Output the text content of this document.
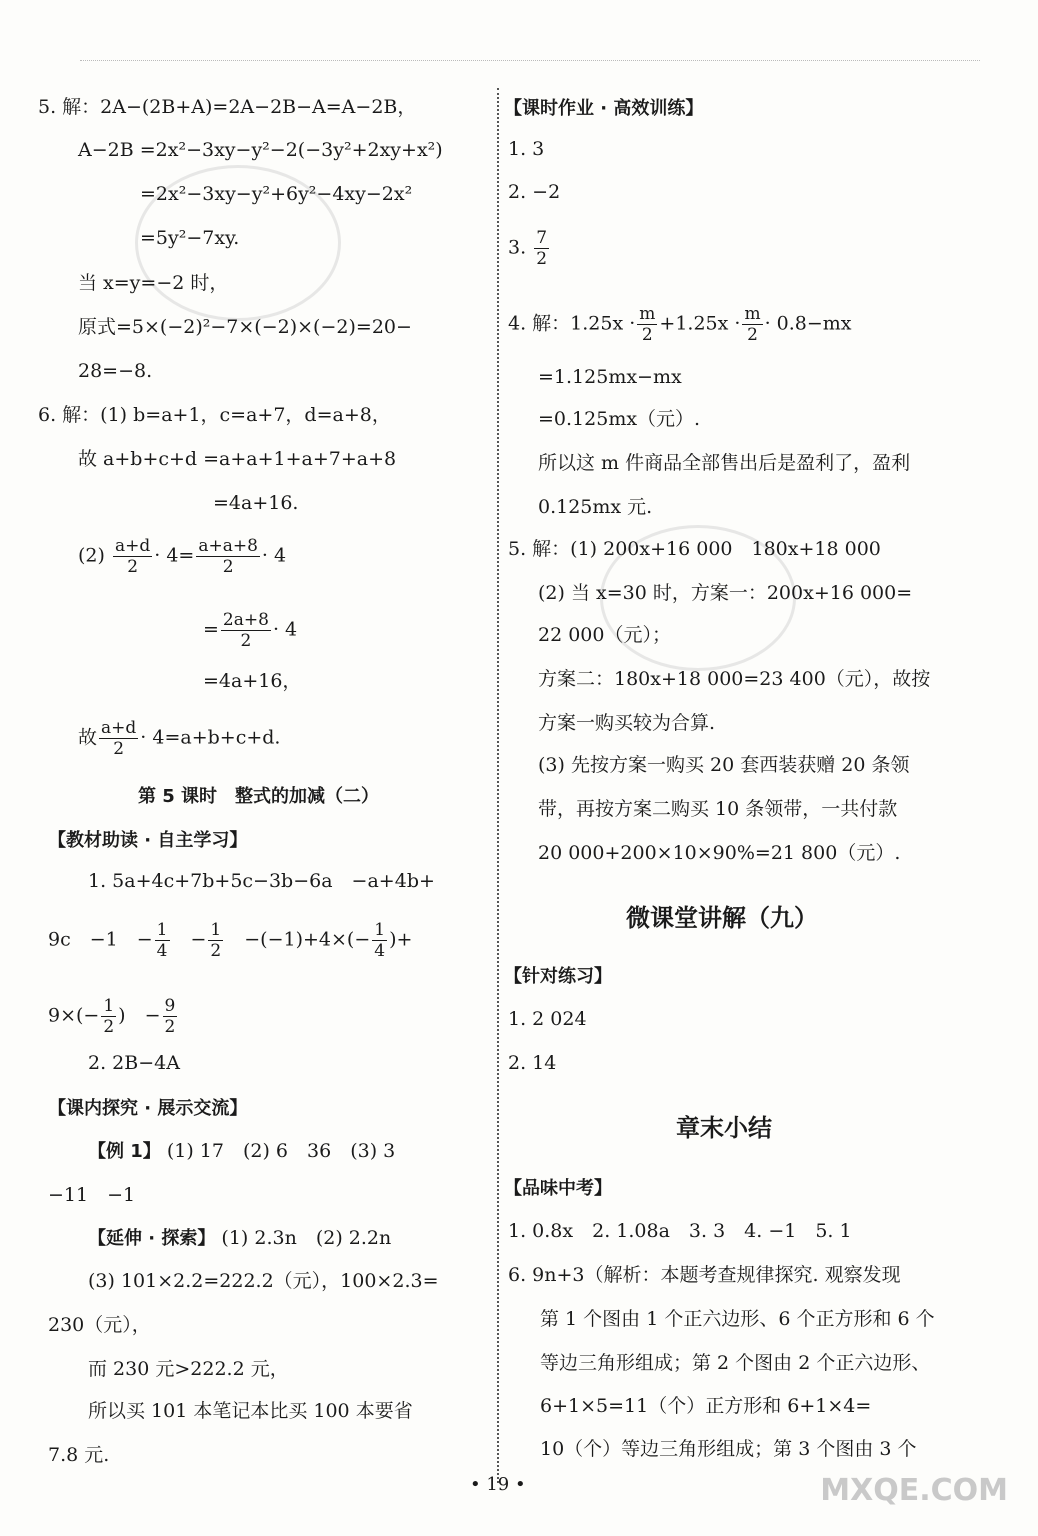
5. 解：2A−(2B+A)=2A−2B−A=A−2B，
A−2B =2x²−3xy−y²−2(−3y²+2xy+x²)
=2x²−3xy−y²+6y²−4xy−2x²
=5y²−7xy.
当 x=y=−2 时，
原式=5×(−2)²−7×(−2)×(−2)=20−
28=−8.
6. 解：(1) b=a+1，c=a+7，d=a+8，
故 a+b+c+d =a+a+1+a+7+a+8
=4a+16.
$(2) \frac{a+d}{2} \cdot 4= \frac{a+a+8}{2} \cdot 4$
= $\frac{2a+8}{2} \cdot 4$
=4a+16，
故 $\frac{a+d}{2} \cdot 4=a+b+c+d$.
第 5 课时　整式的加减（二）
【教材助读 · 自主学习】
1. 5a+4c+7b+5c−3b−6a　−a+4b+
9c　−1　− $\frac{1}{4}$ 　− $\frac{1}{2}$ 　$-(-1)+4\times(- \frac{1}{4}$ )+
$9\times(- \frac{1}{2}$ )　− $\frac{9}{2}$
2. 2B−4A
【课内探究 · 展示交流】
【例 1】 (1) 17　(2) 6　36　(3) 3
−11　−1
【延伸 · 探索】 (1) 2.3n　(2) 2.2n
(3) 101×2.2=222.2（元），100×2.3=
230（元），
而 230 元>222.2 元，
所以买 101 本笔记本比买 100 本要省
7.8 元.
【课时作业 · 高效训练】
1. 3
2. −2
3. $\frac{7}{2}$
4. 解：$1.25x \cdot \frac{m}{2} +1.25x \cdot \frac{m}{2} \cdot 0.8-mx$
=1.125mx−mx
=0.125mx（元）.
所以这 m 件商品全部售出后是盈利了，盈利
0.125mx 元.
5. 解：(1) 200x+16 000　180x+18 000
(2) 当 x=30 时，方案一：200x+16 000=
22 000（元）；
方案二：180x+18 000=23 400（元），故按
方案一购买较为合算.
(3) 先按方案一购买 20 套西装获赠 20 条领
带，再按方案二购买 10 条领带，一共付款
20 000+200×10×90%=21 800（元）.
微课堂讲解（九）
【针对练习】
1. 2 024
2. 14
章末小结
【品味中考】
1. 0.8x　2. 1.08a　3. 3　4. −1　5. 1
6. 9n+3（解析：本题考查规律探究. 观察发现
第 1 个图由 1 个正六边形、6 个正方形和 6 个
等边三角形组成；第 2 个图由 2 个正六边形、
6+1×5=11（个）正方形和 6+1×4=
10（个）等边三角形组成；第 3 个图由 3 个
• 19 •	MXQE.COM
